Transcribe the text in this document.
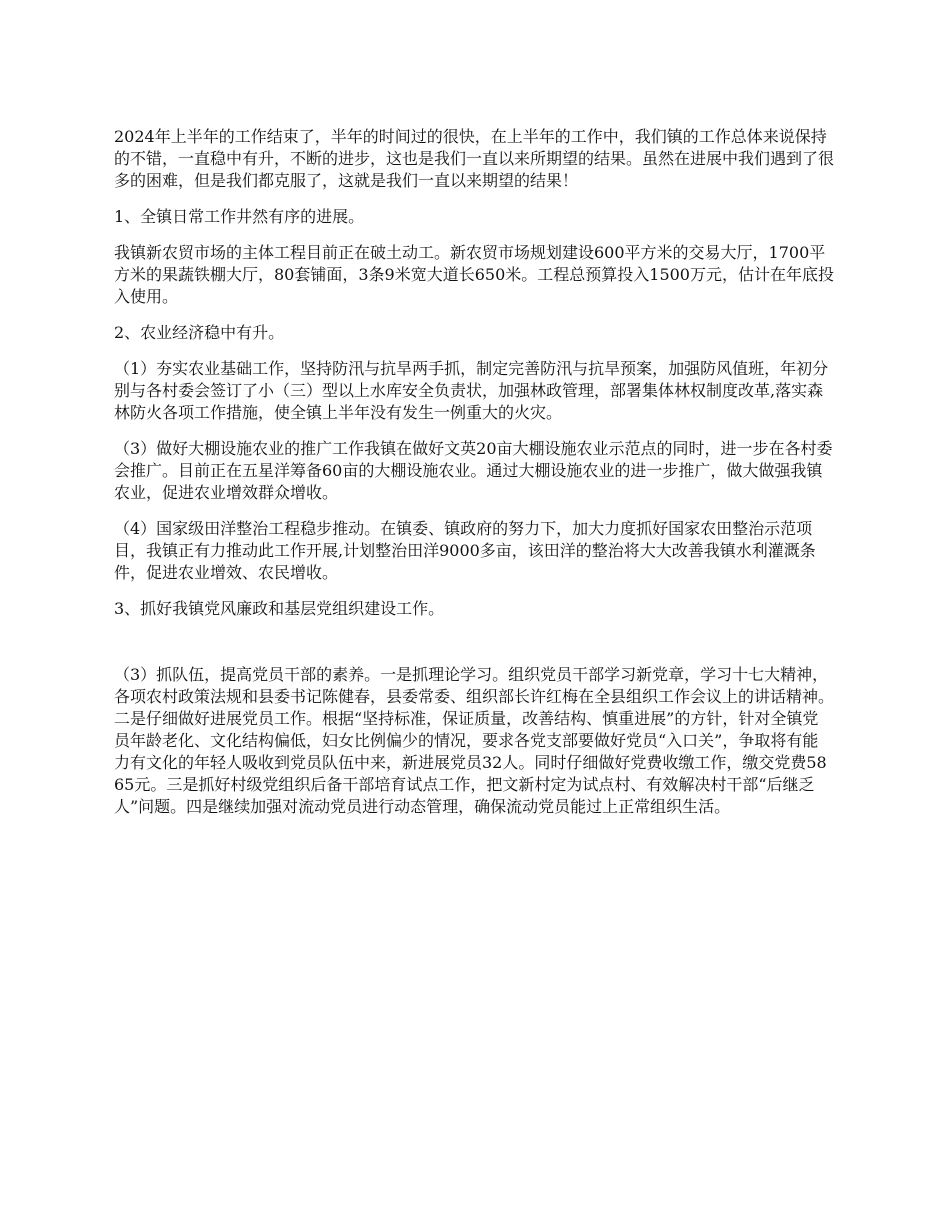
2024年上半年的工作结束了，半年的时间过的很快，在上半年的工作中，我们镇的工作总体来说保持的不错，一直稳中有升，不断的进步，这也是我们一直以来所期望的结果。虽然在进展中我们遇到了很多的困难，但是我们都克服了，这就是我们一直以来期望的结果！

1、全镇日常工作井然有序的进展。

我镇新农贸市场的主体工程目前正在破土动工。新农贸市场规划建设600平方米的交易大厅，1700平方米的果蔬铁棚大厅，80套铺面，3条9米宽大道长650米。工程总预算投入1500万元，估计在年底投入使用。

2、农业经济稳中有升。

（1）夯实农业基础工作，坚持防汛与抗旱两手抓，制定完善防汛与抗旱预案，加强防风值班，年初分别与各村委会签订了小（三）型以上水库安全负责状，加强林政管理，部署集体林权制度改革,落实森林防火各项工作措施，使全镇上半年没有发生一例重大的火灾。

（3）做好大棚设施农业的推广工作我镇在做好文英20亩大棚设施农业示范点的同时，进一步在各村委会推广。目前正在五星洋筹备60亩的大棚设施农业。通过大棚设施农业的进一步推广，做大做强我镇农业，促进农业增效群众增收。

（4）国家级田洋整治工程稳步推动。在镇委、镇政府的努力下，加大力度抓好国家农田整治示范项目，我镇正有力推动此工作开展,计划整治田洋9000多亩，该田洋的整治将大大改善我镇水利灌溉条件，促进农业增效、农民增收。

3、抓好我镇党风廉政和基层党组织建设工作。

（3）抓队伍，提高党员干部的素养。一是抓理论学习。组织党员干部学习新党章，学习十七大精神，各项农村政策法规和县委书记陈健春，县委常委、组织部长许红梅在全县组织工作会议上的讲话精神。二是仔细做好进展党员工作。根据“坚持标准，保证质量，改善结构、慎重进展”的方针，针对全镇党员年龄老化、文化结构偏低，妇女比例偏少的情况，要求各党支部要做好党员“入口关”，争取将有能力有文化的年轻人吸收到党员队伍中来，新进展党员32人。同时仔细做好党费收缴工作，缴交党费5865元。三是抓好村级党组织后备干部培育试点工作，把文新村定为试点村、有效解决村干部“后继乏人”问题。四是继续加强对流动党员进行动态管理，确保流动党员能过上正常组织生活。
